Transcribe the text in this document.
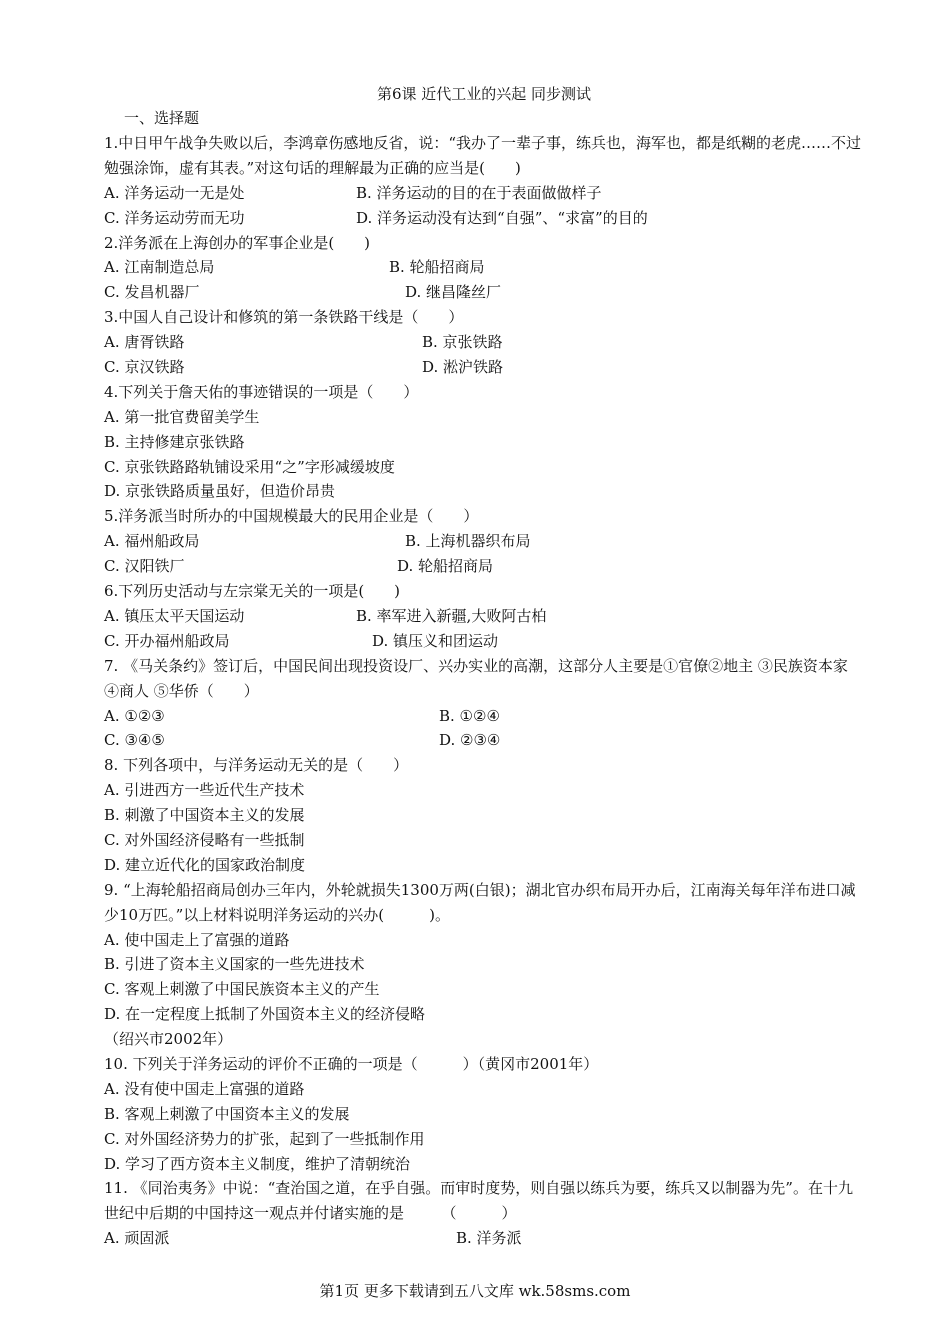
第6课 近代工业的兴起 同步测试
一、选择题
1.中日甲午战争失败以后，李鸿章伤感地反省，说：“我办了一辈子事，练兵也，海军也，都是纸糊的老虎……不过勉强涂饰，虚有其表。”对这句话的理解最为正确的应当是(　　)
A. 洋务运动一无是处	B. 洋务运动的目的在于表面做做样子
C. 洋务运动劳而无功	D. 洋务运动没有达到“自强”、“求富”的目的
2.洋务派在上海创办的军事企业是(　　)
A. 江南制造总局	B. 轮船招商局
C. 发昌机器厂	D. 继昌隆丝厂
3.中国人自己设计和修筑的第一条铁路干线是（　　）
A. 唐胥铁路	B. 京张铁路
C. 京汉铁路	D. 淞沪铁路
4.下列关于詹天佑的事迹错误的一项是（　　）
A. 第一批官费留美学生
B. 主持修建京张铁路
C. 京张铁路路轨铺设采用“之”字形减缓坡度
D. 京张铁路质量虽好，但造价昂贵
5.洋务派当时所办的中国规模最大的民用企业是（　　）
A. 福州船政局	B. 上海机器织布局
C. 汉阳铁厂	D. 轮船招商局
6.下列历史活动与左宗棠无关的一项是(　　)
A. 镇压太平天国运动	B. 率军进入新疆,大败阿古柏
C. 开办福州船政局	D. 镇压义和团运动
7. 《马关条约》签订后，中国民间出现投资设厂、兴办实业的高潮，这部分人主要是①官僚②地主 ③民族资本家 ④商人 ⑤华侨（　　）
A. ①②③	B. ①②④
C. ③④⑤	D. ②③④
8. 下列各项中，与洋务运动无关的是（　　）
A. 引进西方一些近代生产技术
B. 刺激了中国资本主义的发展
C. 对外国经济侵略有一些抵制
D. 建立近代化的国家政治制度
9. “上海轮船招商局创办三年内，外轮就损失1300万两(白银)；湖北官办织布局开办后，江南海关每年洋布进口减少10万匹。”以上材料说明洋务运动的兴办(　　　)。
A. 使中国走上了富强的道路
B. 引进了资本主义国家的一些先进技术
C. 客观上刺激了中国民族资本主义的产生
D. 在一定程度上抵制了外国资本主义的经济侵略
（绍兴市2002年）
10. 下列关于洋务运动的评价不正确的一项是（　　　）（黄冈市2001年）
A. 没有使中国走上富强的道路
B. 客观上刺激了中国资本主义的发展
C. 对外国经济势力的扩张，起到了一些抵制作用
D. 学习了西方资本主义制度，维护了清朝统治
11. 《同治夷务》中说：“查治国之道，在乎自强。而审时度势，则自强以练兵为要，练兵又以制器为先”。在十九世纪中后期的中国持这一观点并付诸实施的是　　　（　　　）
A. 顽固派	B. 洋务派
第1页 更多下载请到五八文库 wk.58sms.com
